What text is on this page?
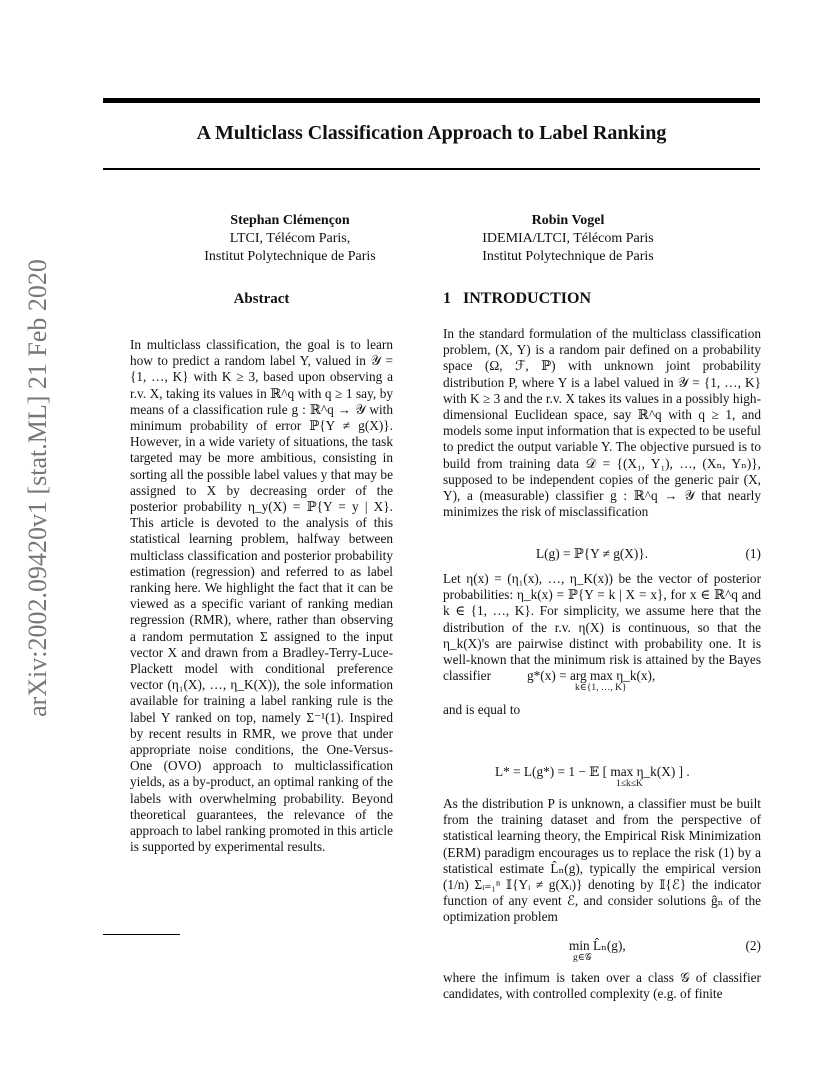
A Multiclass Classification Approach to Label Ranking
Stephan Clémençon
LTCI, Télécom Paris,
Institut Polytechnique de Paris
Robin Vogel
IDEMIA/LTCI, Télécom Paris
Institut Polytechnique de Paris
arXiv:2002.09420v1 [stat.ML] 21 Feb 2020	Abstract

In multiclass classification, the goal is to learn how to predict a random label Y, valued in 𝒴 = {1, …, K} with K ≥ 3, based upon observing a r.v. X, taking its values in ℝ^q with q ≥ 1 say, by means of a classification rule g : ℝ^q → 𝒴 with minimum probability of error ℙ{Y ≠ g(X)}. However, in a wide variety of situations, the task targeted may be more ambitious, consisting in sorting all the possible label values y that may be assigned to X by decreasing order of the posterior probability η_y(X) = ℙ{Y = y | X}. This article is devoted to the analysis of this statistical learning problem, halfway between multiclass classification and posterior probability estimation (regression) and referred to as label ranking here. We highlight the fact that it can be viewed as a specific variant of ranking median regression (RMR), where, rather than observing a random permutation Σ assigned to the input vector X and drawn from a Bradley-Terry-Luce-Plackett model with conditional preference vector (η₁(X), …, η_K(X)), the sole information available for training a label ranking rule is the label Y ranked on top, namely Σ⁻¹(1). Inspired by recent results in RMR, we prove that under appropriate noise conditions, the One-Versus-One (OVO) approach to multiclassification yields, as a by-product, an optimal ranking of the labels with overwhelming probability. Beyond theoretical guarantees, the relevance of the approach to label ranking promoted in this article is supported by experimental results.

1 INTRODUCTION

In the standard formulation of the multiclass classification problem, (X, Y) is a random pair defined on a probability space (Ω, ℱ, ℙ) with unknown joint probability distribution P, where Y is a label valued in 𝒴 = {1, …, K} with K ≥ 3 and the r.v. X takes its values in a possibly high-dimensional Euclidean space, say ℝ^q with q ≥ 1, and models some input information that is expected to be useful to predict the output variable Y. The objective pursued is to build from training data 𝒟 = {(X₁, Y₁), …, (Xₙ, Yₙ)}, supposed to be independent copies of the generic pair (X, Y), a (measurable) classifier g : ℝ^q → 𝒴 that nearly minimizes the risk of misclassification

L(g) = ℙ{Y ≠ g(X)}.	(1)

Let η(x) = (η₁(x), …, η_K(x)) be the vector of posterior probabilities: η_k(x) = ℙ{Y = k | X = x}, for x ∈ ℝ^q and k ∈ {1, …, K}. For simplicity, we assume here that the distribution of the r.v. η(X) is continuous, so that the η_k(X)'s are pairwise distinct with probability one. It is well-known that the minimum risk is attained by the Bayes classifier	g*(x) = arg max η_k(x),
k∈{1, …, K}

and is equal to

L* = L(g*) = 1 − 𝔼 [ max η_k(X) ] .
1≤k≤K

As the distribution P is unknown, a classifier must be built from the training dataset and from the perspective of statistical learning theory, the Empirical Risk Minimization (ERM) paradigm encourages us to replace the risk (1) by a statistical estimate L̂ₙ(g), typically the empirical version (1/n) Σᵢ₌₁ⁿ 𝕀{Yᵢ ≠ g(Xᵢ)} denoting by 𝕀{ℰ} the indicator function of any event ℰ, and consider solutions ĝₙ of the optimization problem

min L̂ₙ(g),
g∈𝒢
(2)

where the infimum is taken over a class 𝒢 of classifier candidates, with controlled complexity (e.g. of finite
